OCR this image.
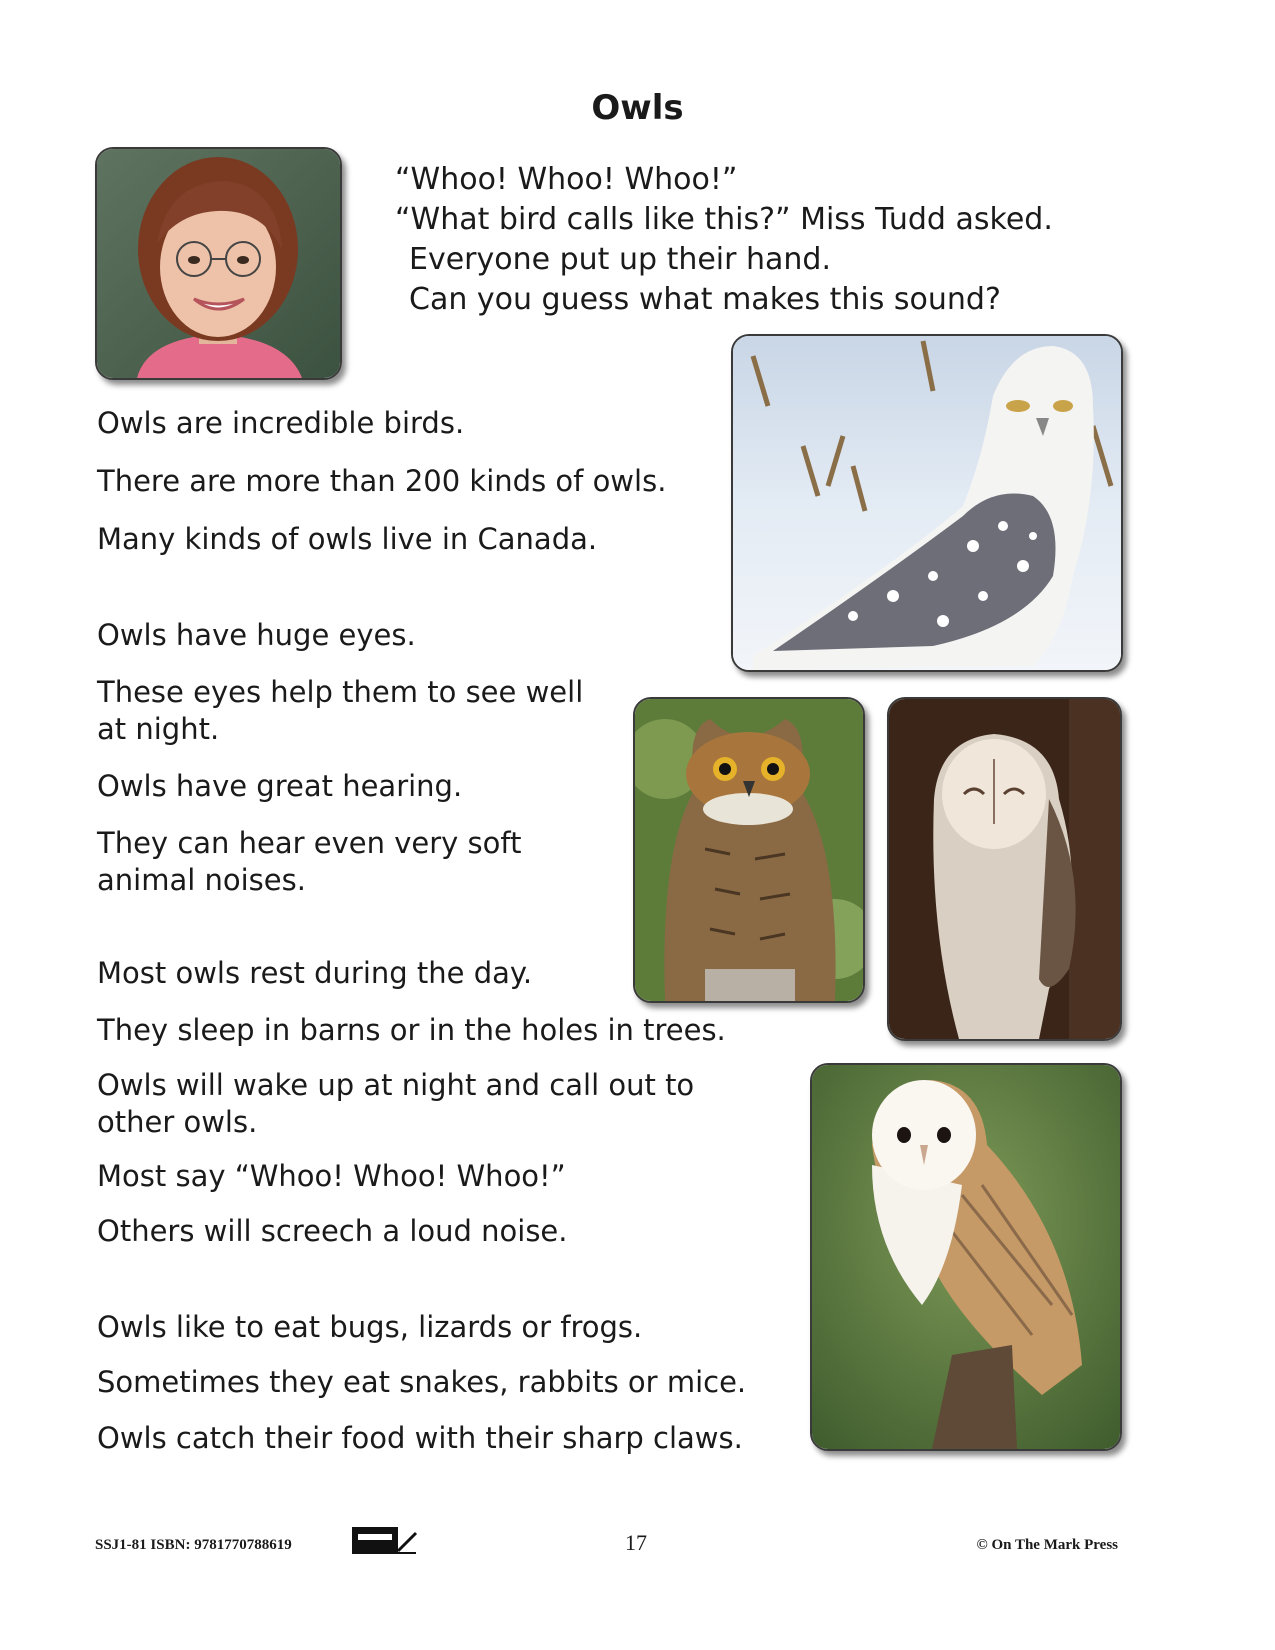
Owls
“Whoo! Whoo! Whoo!”
“What bird calls like this?” Miss Tudd asked.
Everyone put up their hand.
Can you guess what makes this sound?
Owls are incredible birds.
There are more than 200 kinds of owls.
Many kinds of owls live in Canada.
Owls have huge eyes.
These eyes help them to see well at night.
Owls have great hearing.
They can hear even very soft animal noises.
Most owls rest during the day.
They sleep in barns or in the holes in trees.
Owls will wake up at night and call out to other owls.
Most say “Whoo! Whoo! Whoo!”
Others will screech a loud noise.
Owls like to eat bugs, lizards or frogs.
Sometimes they eat snakes, rabbits or mice.
Owls catch their food with their sharp claws.
SSJ1-81 ISBN: 9781770788619	17	© On The Mark Press
